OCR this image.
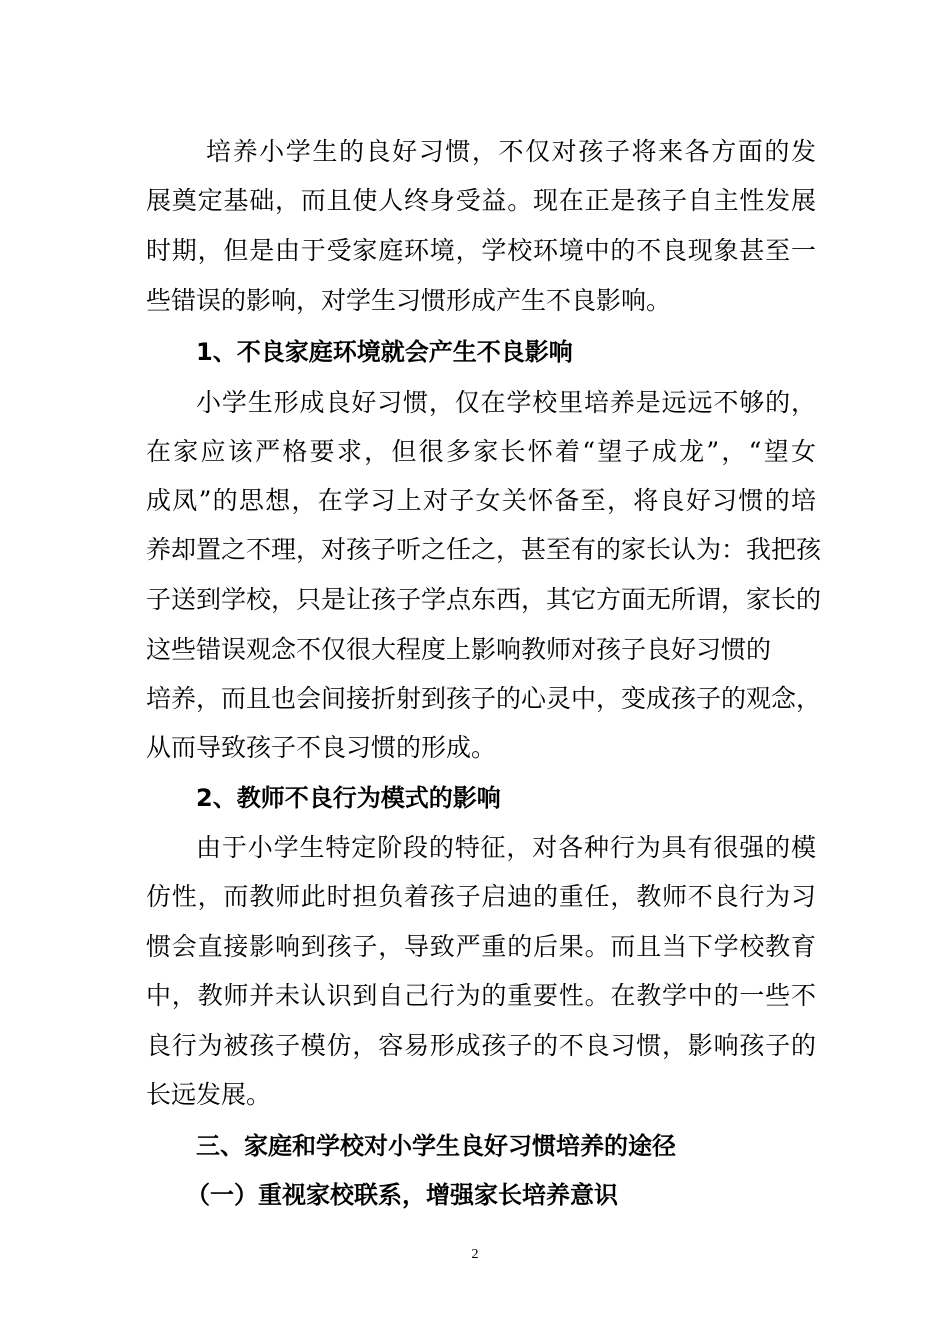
培养小学生的良好习惯，不仅对孩子将来各方面的发
展奠定基础，而且使人终身受益。现在正是孩子自主性发展
时期，但是由于受家庭环境，学校环境中的不良现象甚至一
些错误的影响，对学生习惯形成产生不良影响。
1、不良家庭环境就会产生不良影响
小学生形成良好习惯，仅在学校里培养是远远不够的，
在家应该严格要求，但很多家长怀着“望子成龙”，“望女
成凤”的思想，在学习上对子女关怀备至，将良好习惯的培
养却置之不理，对孩子听之任之，甚至有的家长认为：我把孩
子送到学校，只是让孩子学点东西，其它方面无所谓，家长的
这些错误观念不仅很大程度上影响教师对孩子良好习惯的
培养，而且也会间接折射到孩子的心灵中，变成孩子的观念，
从而导致孩子不良习惯的形成。
2、教师不良行为模式的影响
由于小学生特定阶段的特征，对各种行为具有很强的模
仿性，而教师此时担负着孩子启迪的重任，教师不良行为习
惯会直接影响到孩子，导致严重的后果。而且当下学校教育
中，教师并未认识到自己行为的重要性。在教学中的一些不
良行为被孩子模仿，容易形成孩子的不良习惯，影响孩子的
长远发展。
三、家庭和学校对小学生良好习惯培养的途径
（一）重视家校联系，增强家长培养意识
2
